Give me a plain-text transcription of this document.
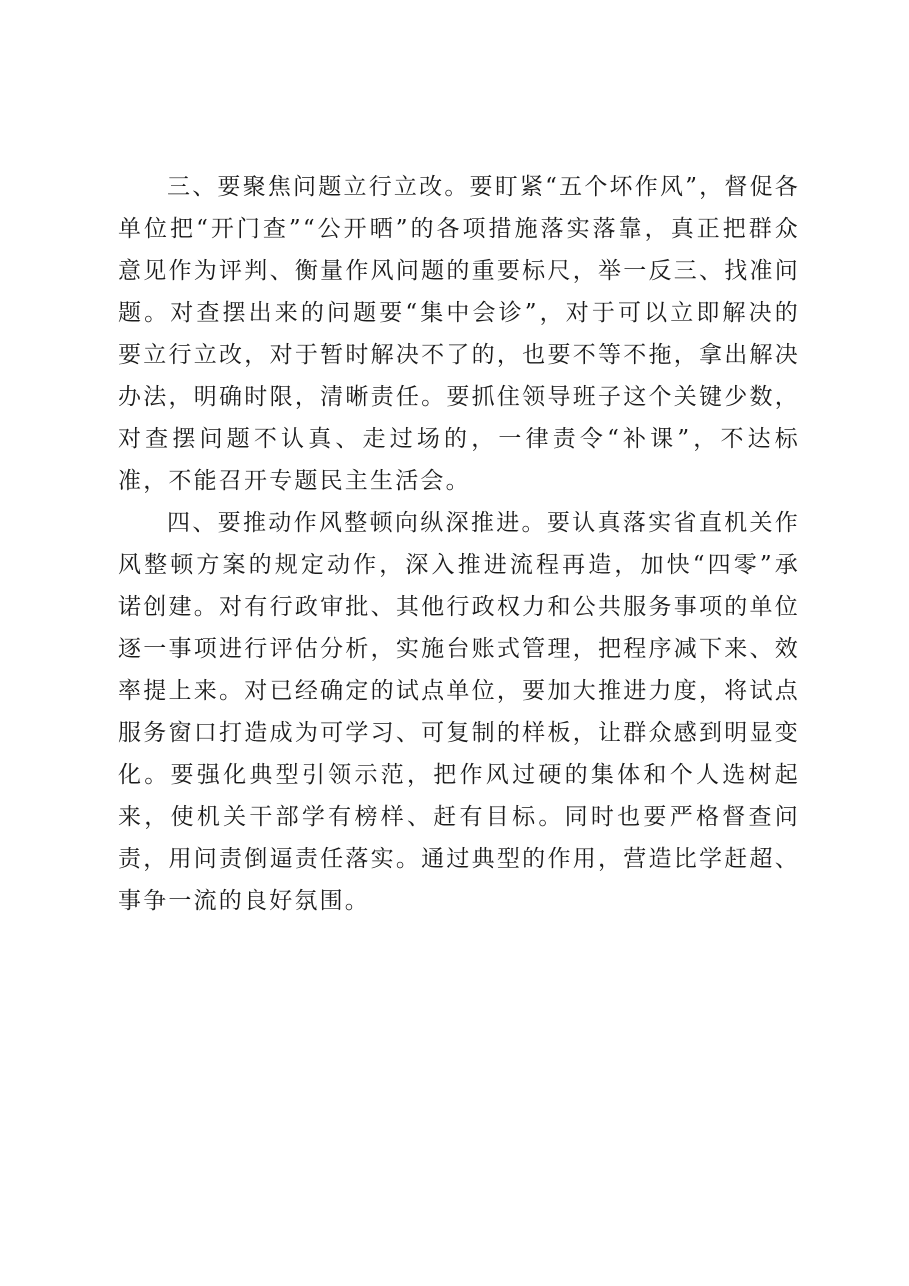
三、要聚焦问题立行立改。要盯紧“五个坏作风”，督促各单位把“开门查”“公开晒”的各项措施落实落靠，真正把群众意见作为评判、衡量作风问题的重要标尺，举一反三、找准问题。对查摆出来的问题要“集中会诊”，对于可以立即解决的要立行立改，对于暂时解决不了的，也要不等不拖，拿出解决办法，明确时限，清晰责任。要抓住领导班子这个关键少数，对查摆问题不认真、走过场的，一律责令“补课”，不达标准，不能召开专题民主生活会。

四、要推动作风整顿向纵深推进。要认真落实省直机关作风整顿方案的规定动作，深入推进流程再造，加快“四零”承诺创建。对有行政审批、其他行政权力和公共服务事项的单位逐一事项进行评估分析，实施台账式管理，把程序减下来、效率提上来。对已经确定的试点单位，要加大推进力度，将试点服务窗口打造成为可学习、可复制的样板，让群众感到明显变化。要强化典型引领示范，把作风过硬的集体和个人选树起来，使机关干部学有榜样、赶有目标。同时也要严格督查问责，用问责倒逼责任落实。通过典型的作用，营造比学赶超、事争一流的良好氛围。
